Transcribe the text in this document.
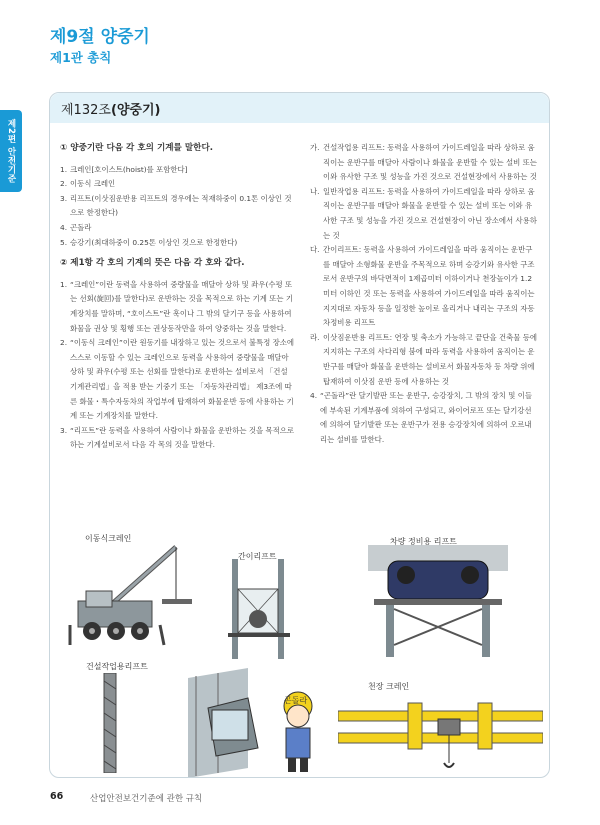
제9절 양중기
제1관 총칙
제2편 안전기준
제132조(양중기)
① 양중기란 다음 각 호의 기계를 말한다.
1. 크레인[호이스트(hoist)를 포함한다]
2. 이동식 크레인
3. 리프트(이삿짐운반용 리프트의 경우에는 적재하중이 0.1톤 이상인 것으로 한정한다)
4. 곤돌라
5. 승강기(최대하중이 0.25톤 이상인 것으로 한정한다)
② 제1항 각 호의 기계의 뜻은 다음 각 호와 같다.
1. “크레인”이란 동력을 사용하여 중량물을 매달아 상하 및 좌우(수평 또는 선회(旋回)를 말한다)로 운반하는 것을 목적으로 하는 기계 또는 기계장치를 말하며, “호이스트”란 훅이나 그 밖의 달기구 등을 사용하여 화물을 권상 및 횡행 또는 권상동작만을 하여 양중하는 것을 말한다.
2. “이동식 크레인”이란 원동기를 내장하고 있는 것으로서 불특정 장소에 스스로 이동할 수 있는 크레인으로 동력을 사용하여 중량물을 매달아 상하 및 좌우(수평 또는 선회를 말한다)로 운반하는 설비로서 「건설기계관리법」을 적용 받는 기중기 또는 「자동차관리법」 제3조에 따른 화물・특수자동차의 작업부에 탑재하여 화물운반 등에 사용하는 기계 또는 기계장치를 말한다.
3. “리프트”란 동력을 사용하여 사람이나 화물을 운반하는 것을 목적으로 하는 기계설비로서 다음 각 목의 것을 말한다.
가. 건설작업용 리프트: 동력을 사용하여 가이드레일을 따라 상하로 움직이는 운반구를 매달아 사람이나 화물을 운반할 수 있는 설비 또는 이와 유사한 구조 및 성능을 가진 것으로 건설현장에서 사용하는 것
나. 일반작업용 리프트: 동력을 사용하여 가이드레일을 따라 상하로 움직이는 운반구를 매달아 화물을 운반할 수 있는 설비 또는 이와 유사한 구조 및 성능을 가진 것으로 건설현장이 아닌 장소에서 사용하는 것
다. 간이리프트: 동력을 사용하여 가이드레일을 따라 움직이는 운반구를 매달아 소형화물 운반을 주목적으로 하며 승강기와 유사한 구조로서 운반구의 바닥면적이 1제곱미터 이하이거나 천장높이가 1.2미터 이하인 것 또는 동력을 사용하여 가이드레일을 따라 움직이는 지지대로 자동차 등을 일정한 높이로 올리거나 내리는 구조의 자동차정비용 리프트
라. 이삿짐운반용 리프트: 연장 및 축소가 가능하고 끝단을 건축물 등에 지지하는 구조의 사다리형 붐에 따라 동력을 사용하여 움직이는 운반구를 매달아 화물을 운반하는 설비로서 화물자동차 등 차량 위에 탑재하여 이삿짐 운반 등에 사용하는 것
4. “곤돌라”란 달기발판 또는 운반구, 승강장치, 그 밖의 장치 및 이들에 부속된 기계부품에 의하여 구성되고, 와이어로프 또는 달기강선에 의하여 달기발판 또는 운반구가 전용 승강장치에 의하여 오르내리는 설비를 말한다.
이동식크레인
간이리프트
차량 정비용 리프트
건설작업용리프트
곤돌라
천장 크레인
66	산업안전보건기준에 관한 규칙
